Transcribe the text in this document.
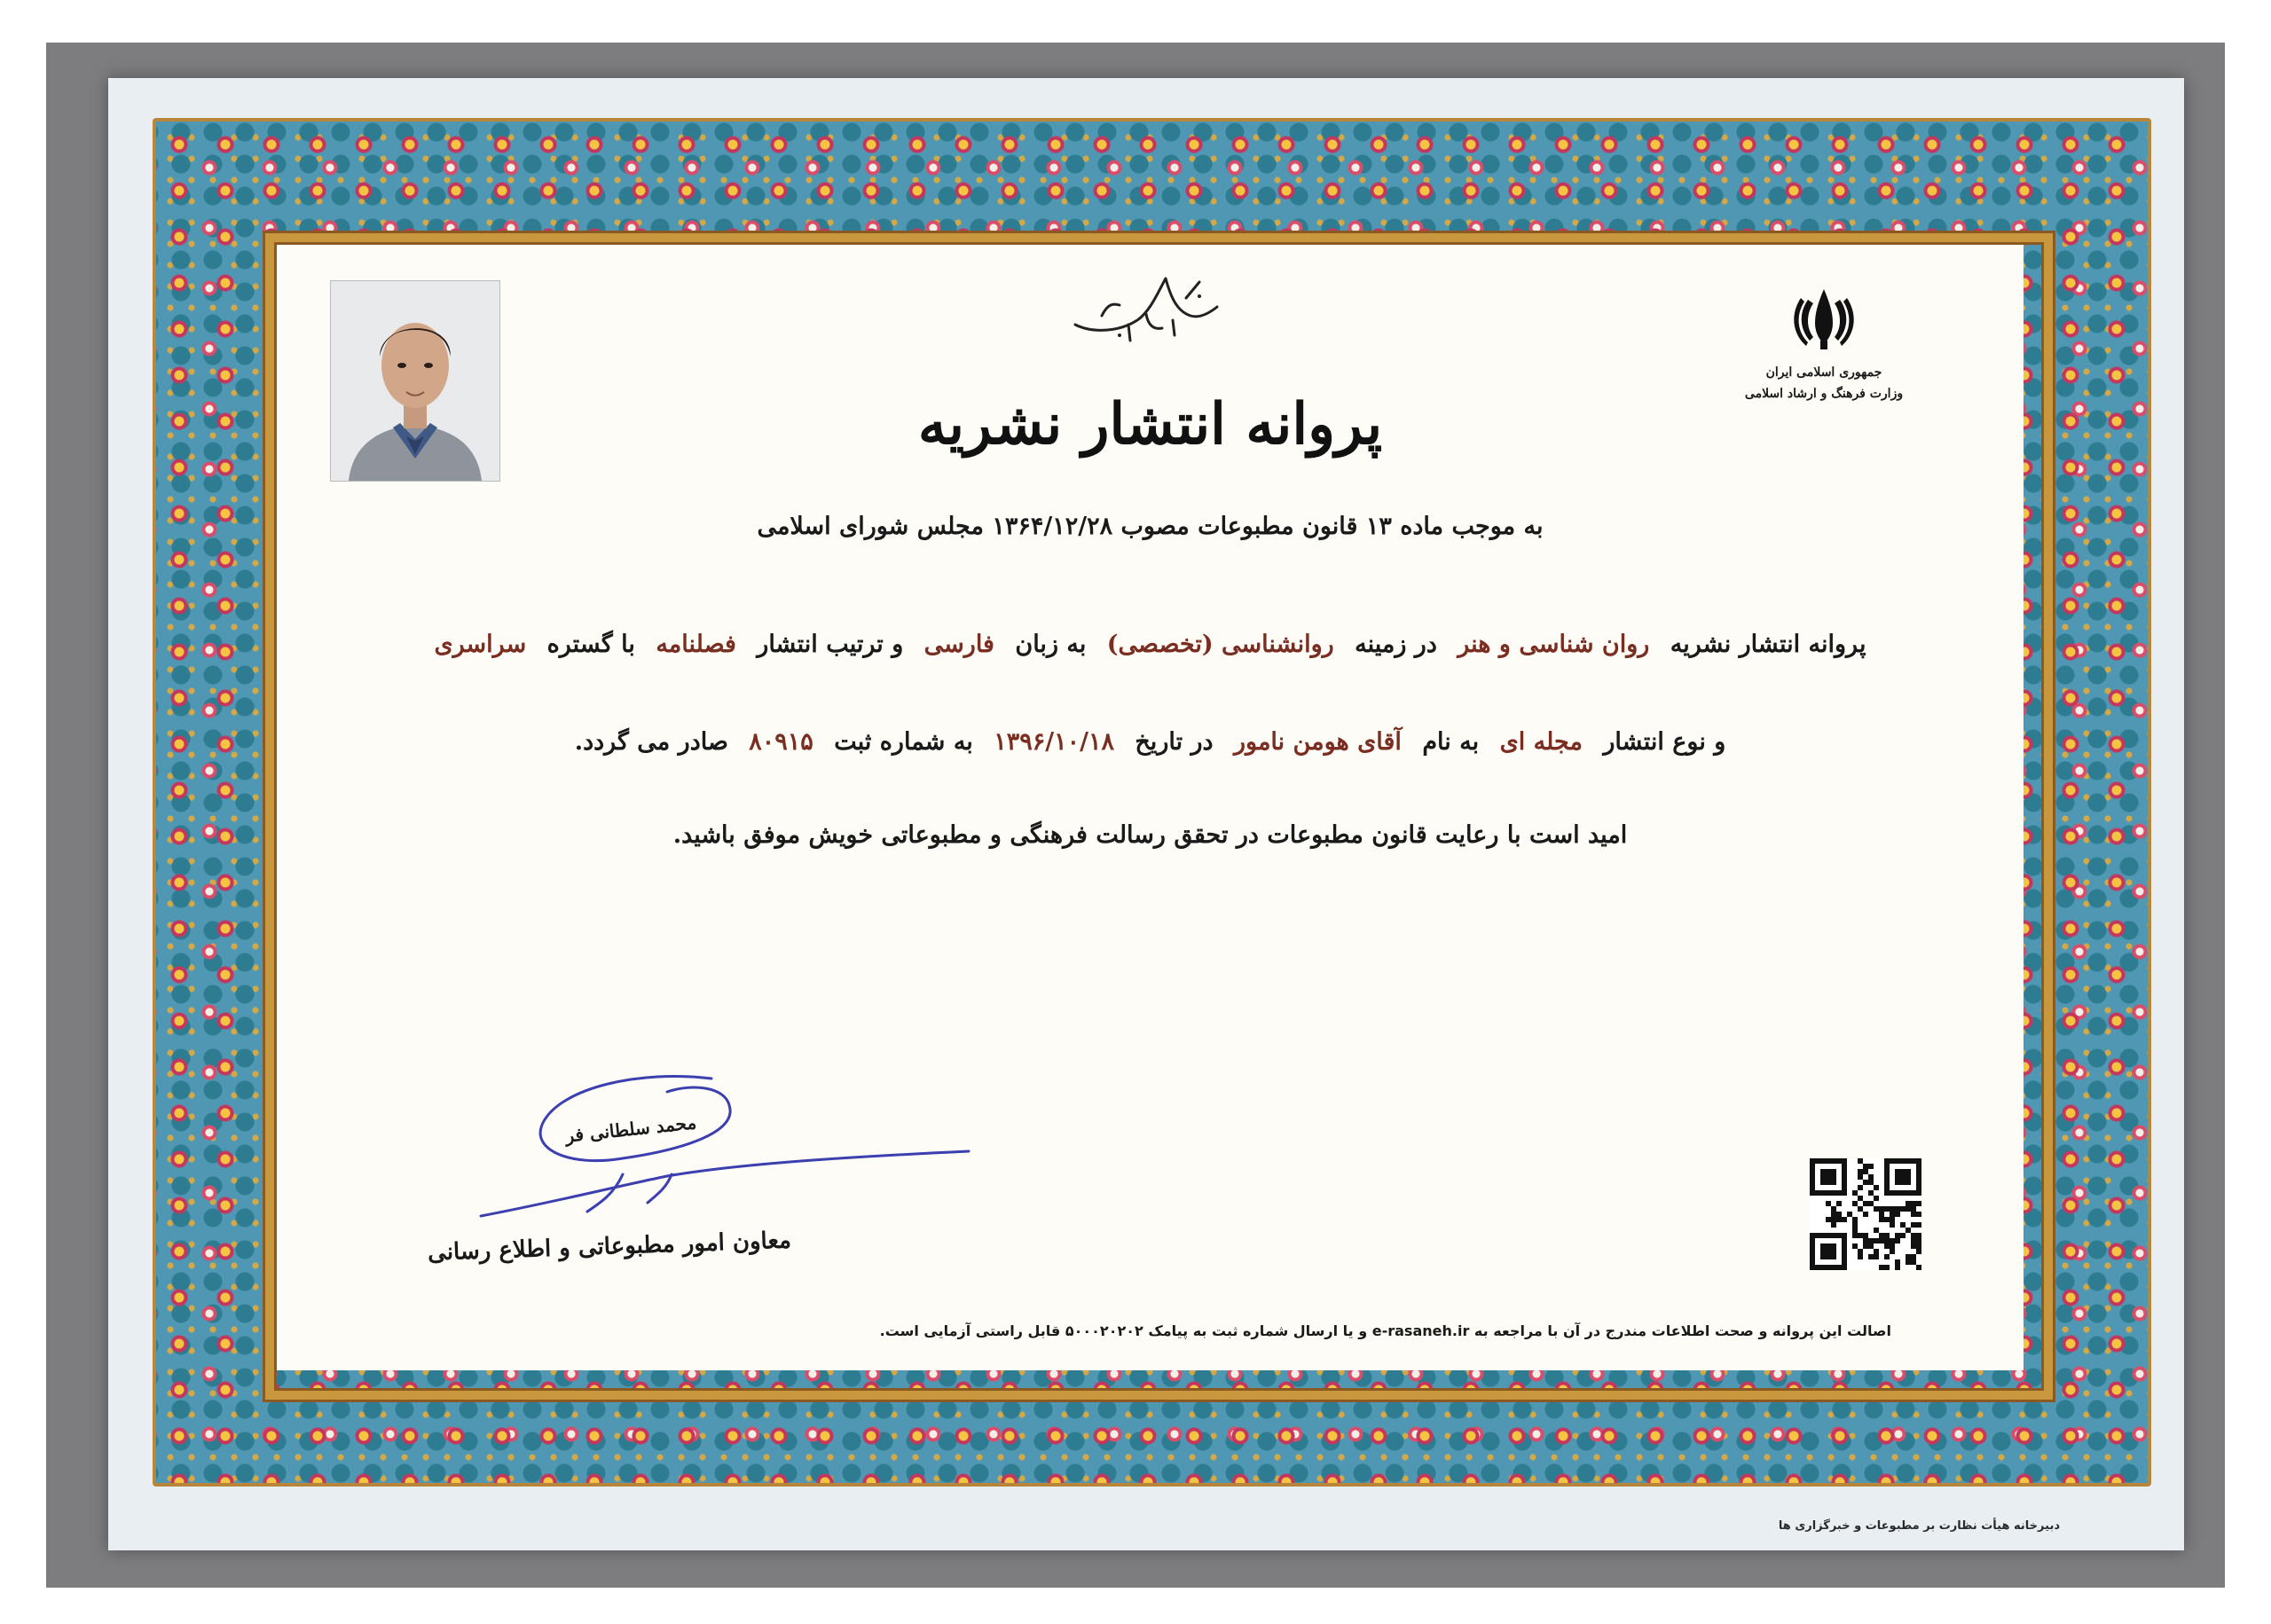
جمهوری اسلامی ایران
وزارت فرهنگ و ارشاد اسلامی
پروانه انتشار نشریه
به موجب ماده ۱۳ قانون مطبوعات مصوب ۱۳۶۴/۱۲/۲۸ مجلس شورای اسلامی
پروانه انتشار نشریه روان شناسی و هنر در زمینه روانشناسی (تخصصی) به زبان فارسی و ترتیب انتشار فصلنامه با گستره سراسری
و نوع انتشار مجله ای به نام آقای هومن نامور در تاریخ ۱۳۹۶/۱۰/۱۸ به شماره ثبت ۸۰۹۱۵ صادر می گردد.
امید است با رعایت قانون مطبوعات در تحقق رسالت فرهنگی و مطبوعاتی خویش موفق باشید.
محمد سلطانی فر
معاون امور مطبوعاتی و اطلاع رسانی
اصالت این پروانه و صحت اطلاعات مندرج در آن با مراجعه به e-rasaneh.ir و یا ارسال شماره ثبت به پیامک ۵۰۰۰۲۰۲۰۲ قابل راستی آزمایی است.
دبیرخانه هیأت نظارت بر مطبوعات و خبرگزاری ها
